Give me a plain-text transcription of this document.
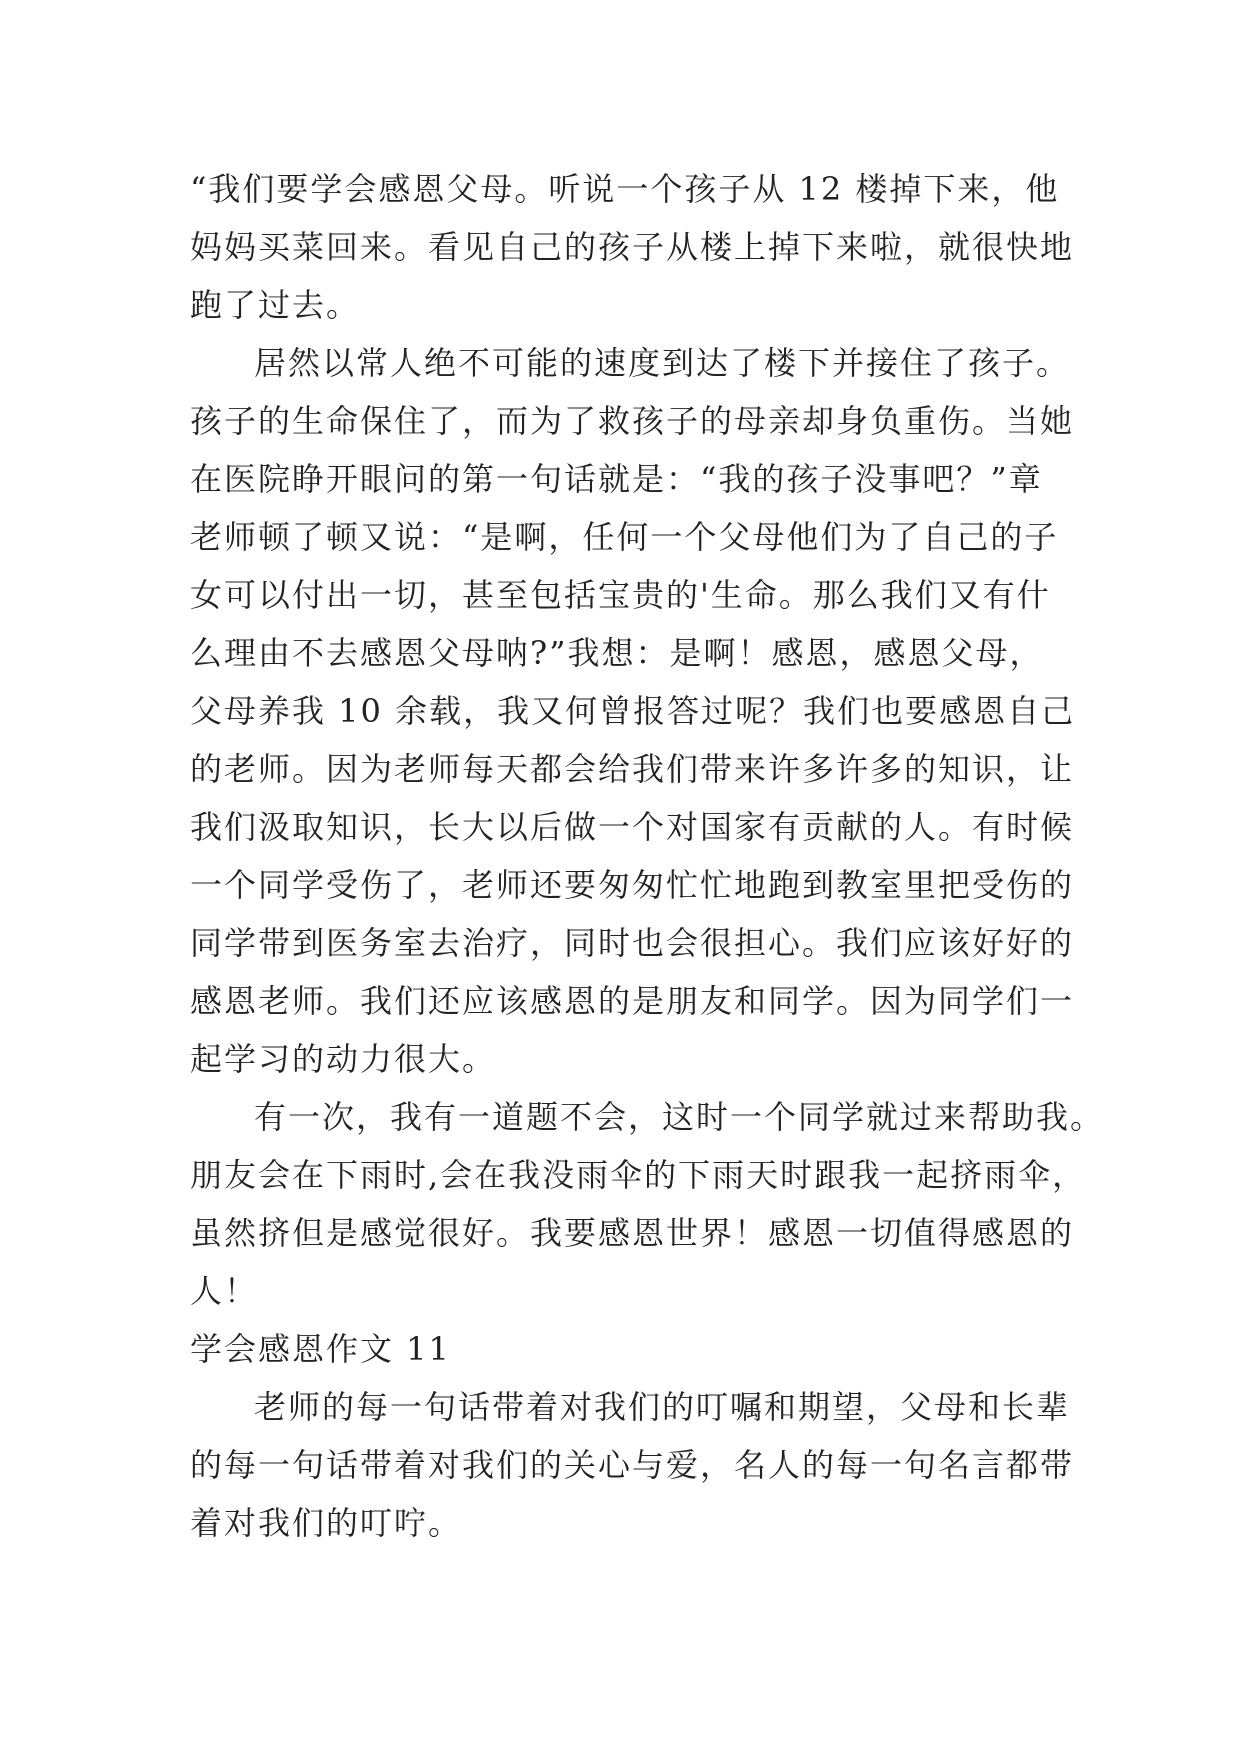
“我们要学会感恩父母。听说一个孩子从 12 楼掉下来，他
妈妈买菜回来。看见自己的孩子从楼上掉下来啦，就很快地
跑了过去。
居然以常人绝不可能的速度到达了楼下并接住了孩子。
孩子的生命保住了，而为了救孩子的母亲却身负重伤。当她
在医院睁开眼问的第一句话就是：“我的孩子没事吧？”章
老师顿了顿又说：“是啊，任何一个父母他们为了自己的子
女可以付出一切，甚至包括宝贵的'生命。那么我们又有什
么理由不去感恩父母呐?”我想：是啊！感恩，感恩父母，
父母养我 10 余载，我又何曾报答过呢？我们也要感恩自己
的老师。因为老师每天都会给我们带来许多许多的知识，让
我们汲取知识，长大以后做一个对国家有贡献的人。有时候
一个同学受伤了，老师还要匆匆忙忙地跑到教室里把受伤的
同学带到医务室去治疗，同时也会很担心。我们应该好好的
感恩老师。我们还应该感恩的是朋友和同学。因为同学们一
起学习的动力很大。
有一次，我有一道题不会，这时一个同学就过来帮助我。
朋友会在下雨时,会在我没雨伞的下雨天时跟我一起挤雨伞，
虽然挤但是感觉很好。我要感恩世界！感恩一切值得感恩的
人！
学会感恩作文 11
老师的每一句话带着对我们的叮嘱和期望，父母和长辈
的每一句话带着对我们的关心与爱，名人的每一句名言都带
着对我们的叮咛。
